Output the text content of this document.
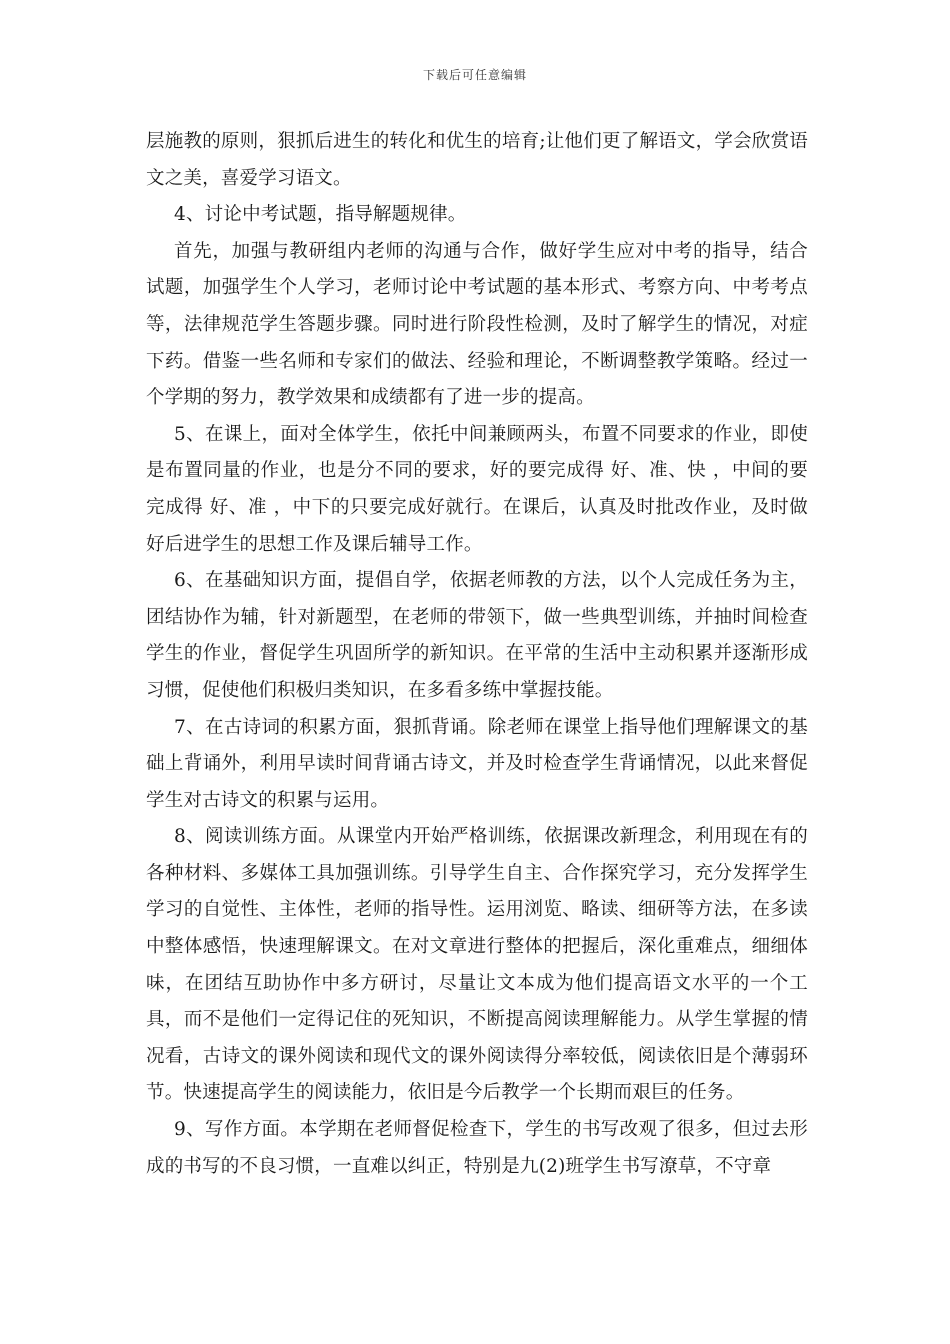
下载后可任意编辑

层施教的原则，狠抓后进生的转化和优生的培育;让他们更了解语文，学会欣赏语文之美，喜爱学习语文。

4、讨论中考试题，指导解题规律。

首先，加强与教研组内老师的沟通与合作，做好学生应对中考的指导，结合试题，加强学生个人学习，老师讨论中考试题的基本形式、考察方向、中考考点等，法律规范学生答题步骤。同时进行阶段性检测，及时了解学生的情况，对症下药。借鉴一些名师和专家们的做法、经验和理论，不断调整教学策略。经过一个学期的努力，教学效果和成绩都有了进一步的提高。

5、在课上，面对全体学生，依托中间兼顾两头，布置不同要求的作业，即使是布置同量的作业，也是分不同的要求，好的要完成得 好、准、快 ，中间的要完成得 好、准 ，中下的只要完成好就行。在课后，认真及时批改作业，及时做好后进学生的思想工作及课后辅导工作。

6、在基础知识方面，提倡自学，依据老师教的方法，以个人完成任务为主，团结协作为辅，针对新题型，在老师的带领下，做一些典型训练，并抽时间检查学生的作业，督促学生巩固所学的新知识。在平常的生活中主动积累并逐渐形成习惯，促使他们积极归类知识，在多看多练中掌握技能。

7、在古诗词的积累方面，狠抓背诵。除老师在课堂上指导他们理解课文的基础上背诵外，利用早读时间背诵古诗文，并及时检查学生背诵情况，以此来督促学生对古诗文的积累与运用。

8、阅读训练方面。从课堂内开始严格训练，依据课改新理念，利用现在有的各种材料、多媒体工具加强训练。引导学生自主、合作探究学习，充分发挥学生学习的自觉性、主体性，老师的指导性。运用浏览、略读、细研等方法，在多读中整体感悟，快速理解课文。在对文章进行整体的把握后，深化重难点，细细体味，在团结互助协作中多方研讨，尽量让文本成为他们提高语文水平的一个工具，而不是他们一定得记住的死知识，不断提高阅读理解能力。从学生掌握的情况看，古诗文的课外阅读和现代文的课外阅读得分率较低，阅读依旧是个薄弱环节。快速提高学生的阅读能力，依旧是今后教学一个长期而艰巨的任务。

9、写作方面。本学期在老师督促检查下，学生的书写改观了很多，但过去形成的书写的不良习惯，一直难以纠正，特别是九(2)班学生书写潦草，不守章
